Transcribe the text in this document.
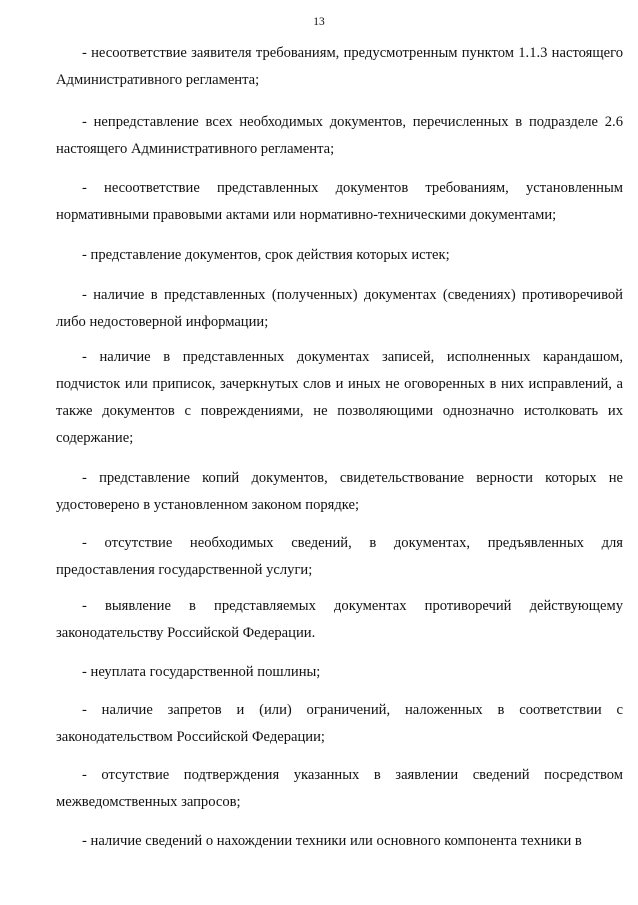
13

- несоответствие заявителя требованиям, предусмотренным пунктом 1.1.3 настоящего Административного регламента;

- непредставление всех необходимых документов, перечисленных в подразделе 2.6 настоящего Административного регламента;

- несоответствие представленных документов требованиям, установленным нормативными правовыми актами или нормативно-техническими документами;

- представление документов, срок действия которых истек;

- наличие в представленных (полученных) документах (сведениях) противоречивой либо недостоверной информации;

- наличие в представленных документах записей, исполненных карандашом, подчисток или приписок, зачеркнутых слов и иных не оговоренных в них исправлений, а также документов с повреждениями, не позволяющими однозначно истолковать их содержание;

- представление копий документов, свидетельствование верности которых не удостоверено в установленном законом порядке;

- отсутствие необходимых сведений, в документах, предъявленных для предоставления государственной услуги;

- выявление в представляемых документах противоречий действующему законодательству Российской Федерации.

- неуплата государственной пошлины;

- наличие запретов и (или) ограничений, наложенных в соответствии с законодательством Российской Федерации;

- отсутствие подтверждения указанных в заявлении сведений посредством межведомственных запросов;

- наличие сведений о нахождении техники или основного компонента техники в
